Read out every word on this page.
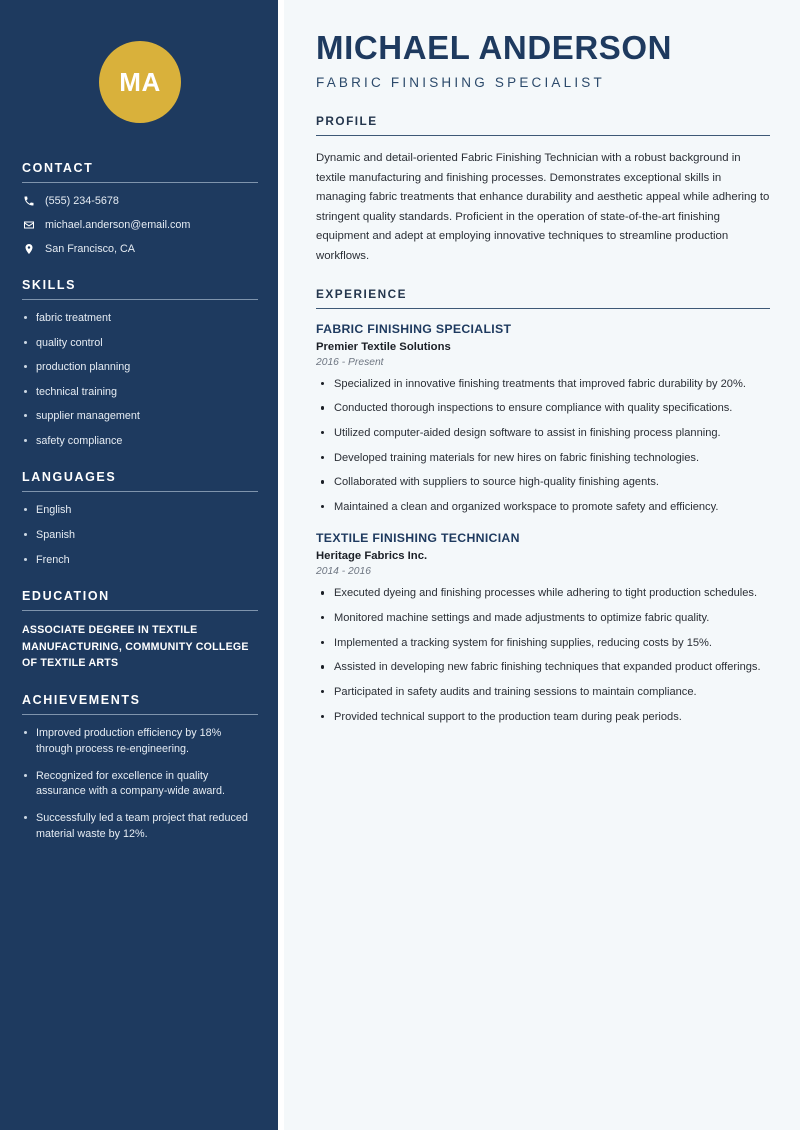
MA
CONTACT
(555) 234-5678
michael.anderson@email.com
San Francisco, CA
SKILLS
fabric treatment
quality control
production planning
technical training
supplier management
safety compliance
LANGUAGES
English
Spanish
French
EDUCATION
ASSOCIATE DEGREE IN TEXTILE MANUFACTURING, COMMUNITY COLLEGE OF TEXTILE ARTS
ACHIEVEMENTS
Improved production efficiency by 18% through process re-engineering.
Recognized for excellence in quality assurance with a company-wide award.
Successfully led a team project that reduced material waste by 12%.
MICHAEL ANDERSON
FABRIC FINISHING SPECIALIST
PROFILE

Dynamic and detail-oriented Fabric Finishing Technician with a robust background in textile manufacturing and finishing processes. Demonstrates exceptional skills in managing fabric treatments that enhance durability and aesthetic appeal while adhering to stringent quality standards. Proficient in the operation of state-of-the-art finishing equipment and adept at employing innovative techniques to streamline production workflows.

EXPERIENCE
FABRIC FINISHING SPECIALIST
Premier Textile Solutions
2016 - Present
Specialized in innovative finishing treatments that improved fabric durability by 20%.
Conducted thorough inspections to ensure compliance with quality specifications.
Utilized computer-aided design software to assist in finishing process planning.
Developed training materials for new hires on fabric finishing technologies.
Collaborated with suppliers to source high-quality finishing agents.
Maintained a clean and organized workspace to promote safety and efficiency.
TEXTILE FINISHING TECHNICIAN
Heritage Fabrics Inc.
2014 - 2016
Executed dyeing and finishing processes while adhering to tight production schedules.
Monitored machine settings and made adjustments to optimize fabric quality.
Implemented a tracking system for finishing supplies, reducing costs by 15%.
Assisted in developing new fabric finishing techniques that expanded product offerings.
Participated in safety audits and training sessions to maintain compliance.
Provided technical support to the production team during peak periods.
